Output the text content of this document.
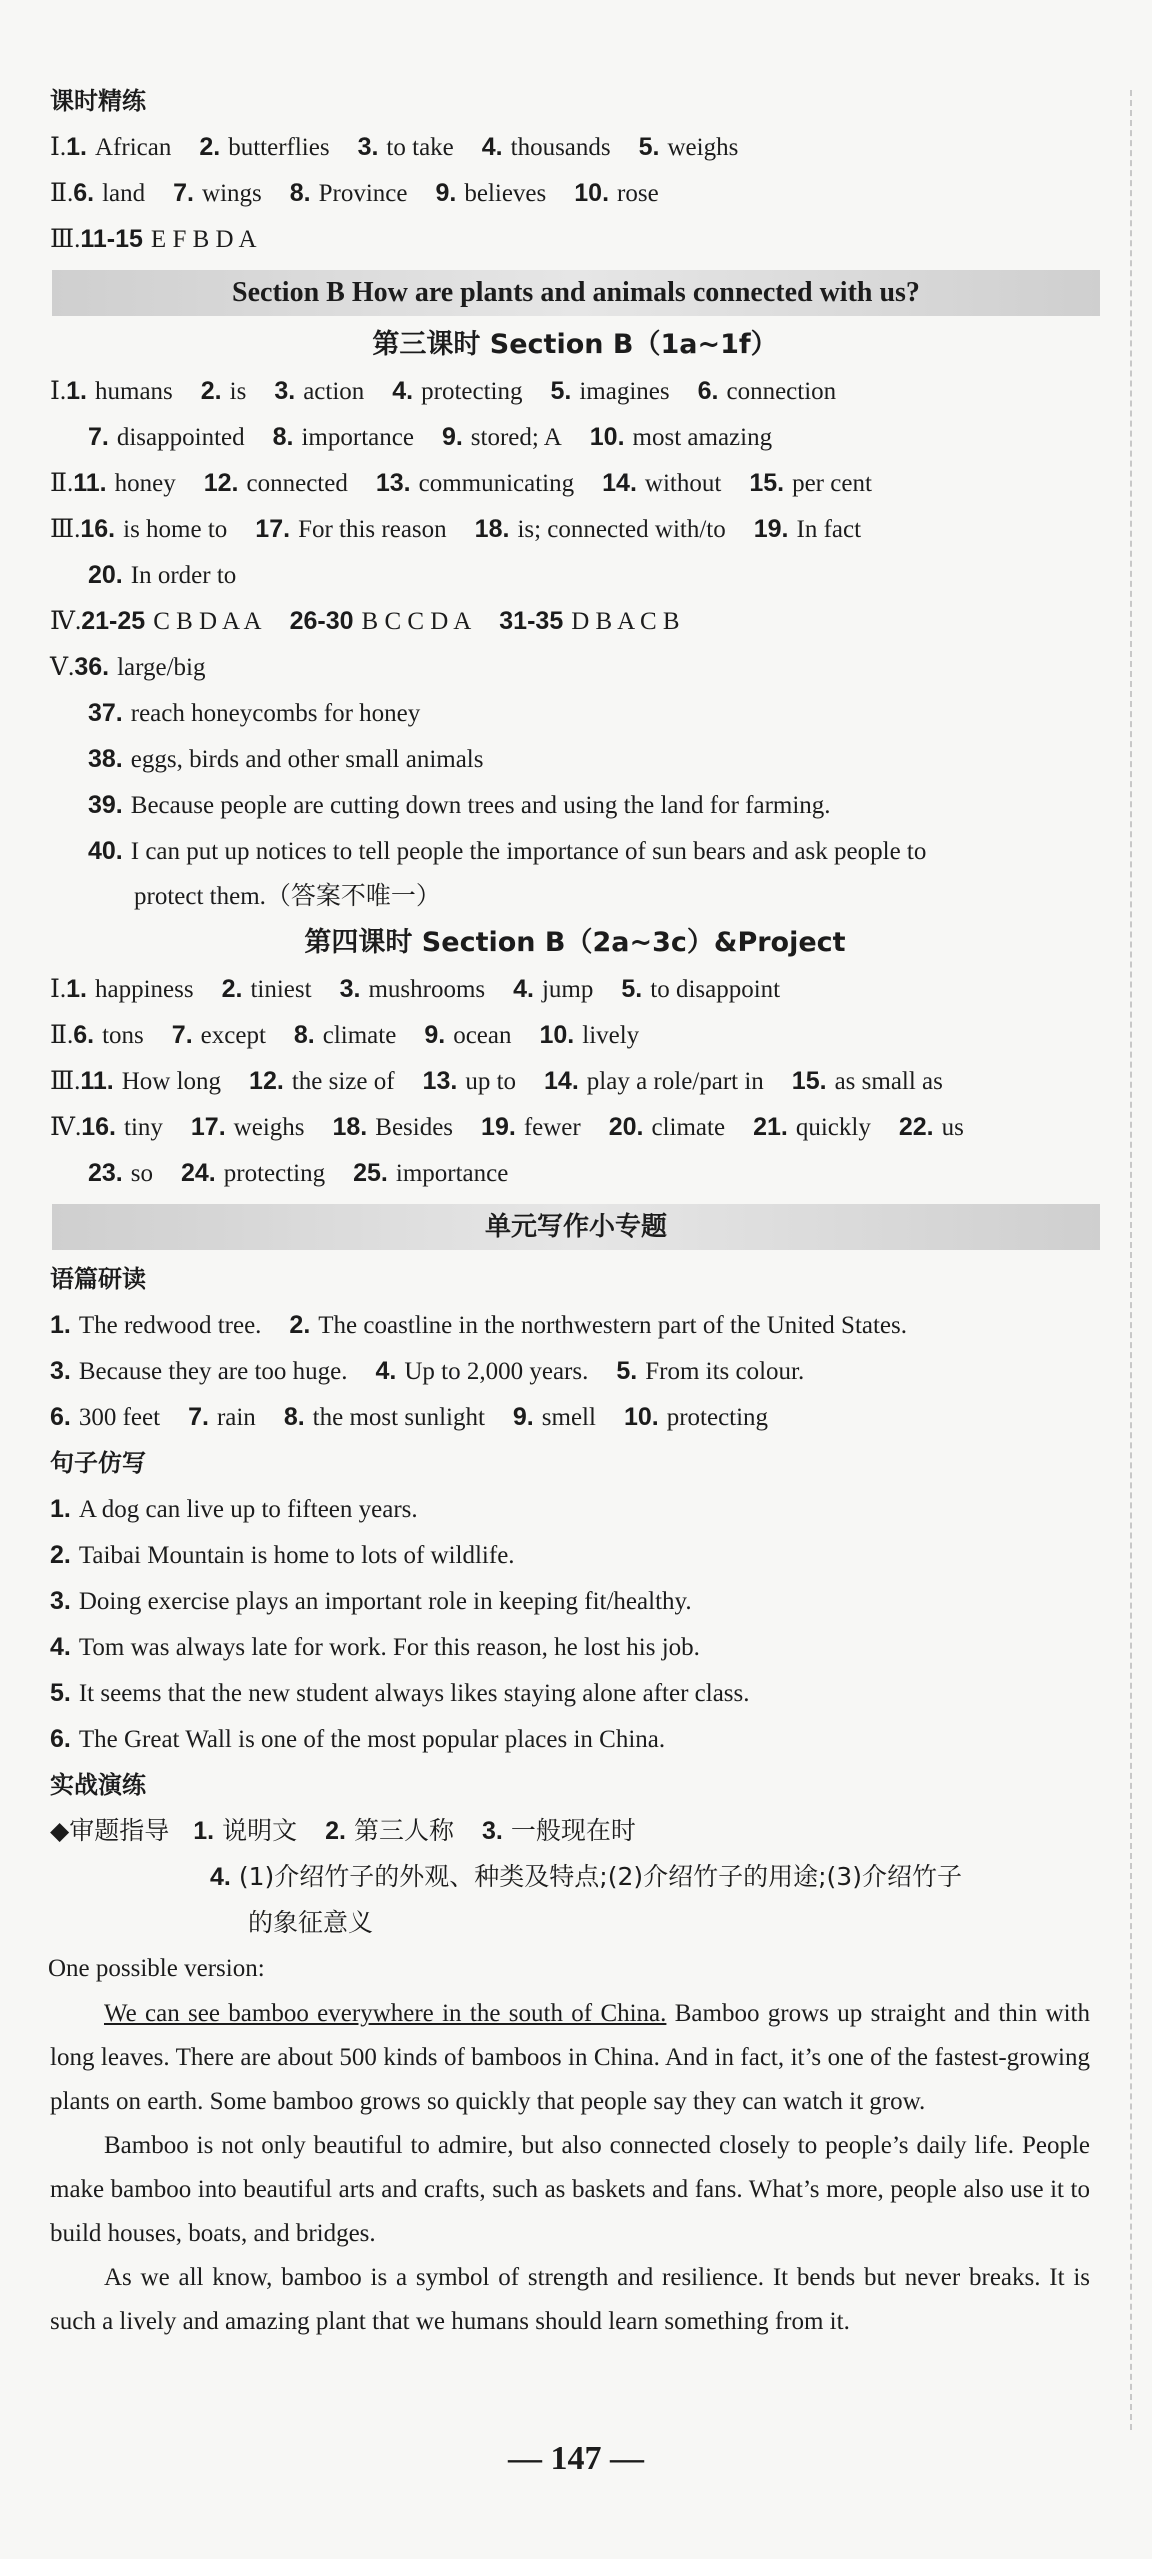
课时精练
Ⅰ.1. African 2. butterflies 3. to take 4. thousands 5. weighs
Ⅱ.6. land 7. wings 8. Province 9. believes 10. rose
Ⅲ.11-15 E F B D A
Section B How are plants and animals connected with us?
第三课时 Section B（1a~1f）
Ⅰ.1. humans 2. is 3. action 4. protecting 5. imagines 6. connection
7. disappointed 8. importance 9. stored; A 10. most amazing
Ⅱ.11. honey 12. connected 13. communicating 14. without 15. per cent
Ⅲ.16. is home to 17. For this reason 18. is; connected with/to 19. In fact
20. In order to
Ⅳ.21-25 C B D A A 26-30 B C C D A 31-35 D B A C B
Ⅴ.36. large/big
37. reach honeycombs for honey
38. eggs, birds and other small animals
39. Because people are cutting down trees and using the land for farming.
40. I can put up notices to tell people the importance of sun bears and ask people to
protect them.（答案不唯一）
第四课时 Section B（2a~3c）&Project
Ⅰ.1. happiness 2. tiniest 3. mushrooms 4. jump 5. to disappoint
Ⅱ.6. tons 7. except 8. climate 9. ocean 10. lively
Ⅲ.11. How long 12. the size of 13. up to 14. play a role/part in 15. as small as
Ⅳ.16. tiny 17. weighs 18. Besides 19. fewer 20. climate 21. quickly 22. us
23. so 24. protecting 25. importance
单元写作小专题
语篇研读
1. The redwood tree. 2. The coastline in the northwestern part of the United States.
3. Because they are too huge. 4. Up to 2,000 years. 5. From its colour.
6. 300 feet 7. rain 8. the most sunlight 9. smell 10. protecting
句子仿写
1. A dog can live up to fifteen years.
2. Taibai Mountain is home to lots of wildlife.
3. Doing exercise plays an important role in keeping fit/healthy.
4. Tom was always late for work. For this reason, he lost his job.
5. It seems that the new student always likes staying alone after class.
6. The Great Wall is one of the most popular places in China.
实战演练
◆审题指导 1. 说明文 2. 第三人称 3. 一般现在时
4. (1)介绍竹子的外观、种类及特点;(2)介绍竹子的用途;(3)介绍竹子
的象征意义
One possible version:

We can see bamboo everywhere in the south of China. Bamboo grows up straight and thin with long leaves. There are about 500 kinds of bamboos in China. And in fact, it’s one of the fastest-growing plants on earth. Some bamboo grows so quickly that people say they can watch it grow.

Bamboo is not only beautiful to admire, but also connected closely to people’s daily life. People make bamboo into beautiful arts and crafts, such as baskets and fans. What’s more, people also use it to build houses, boats, and bridges.

As we all know, bamboo is a symbol of strength and resilience. It bends but never breaks. It is such a lively and amazing plant that we humans should learn something from it.

— 147 —
